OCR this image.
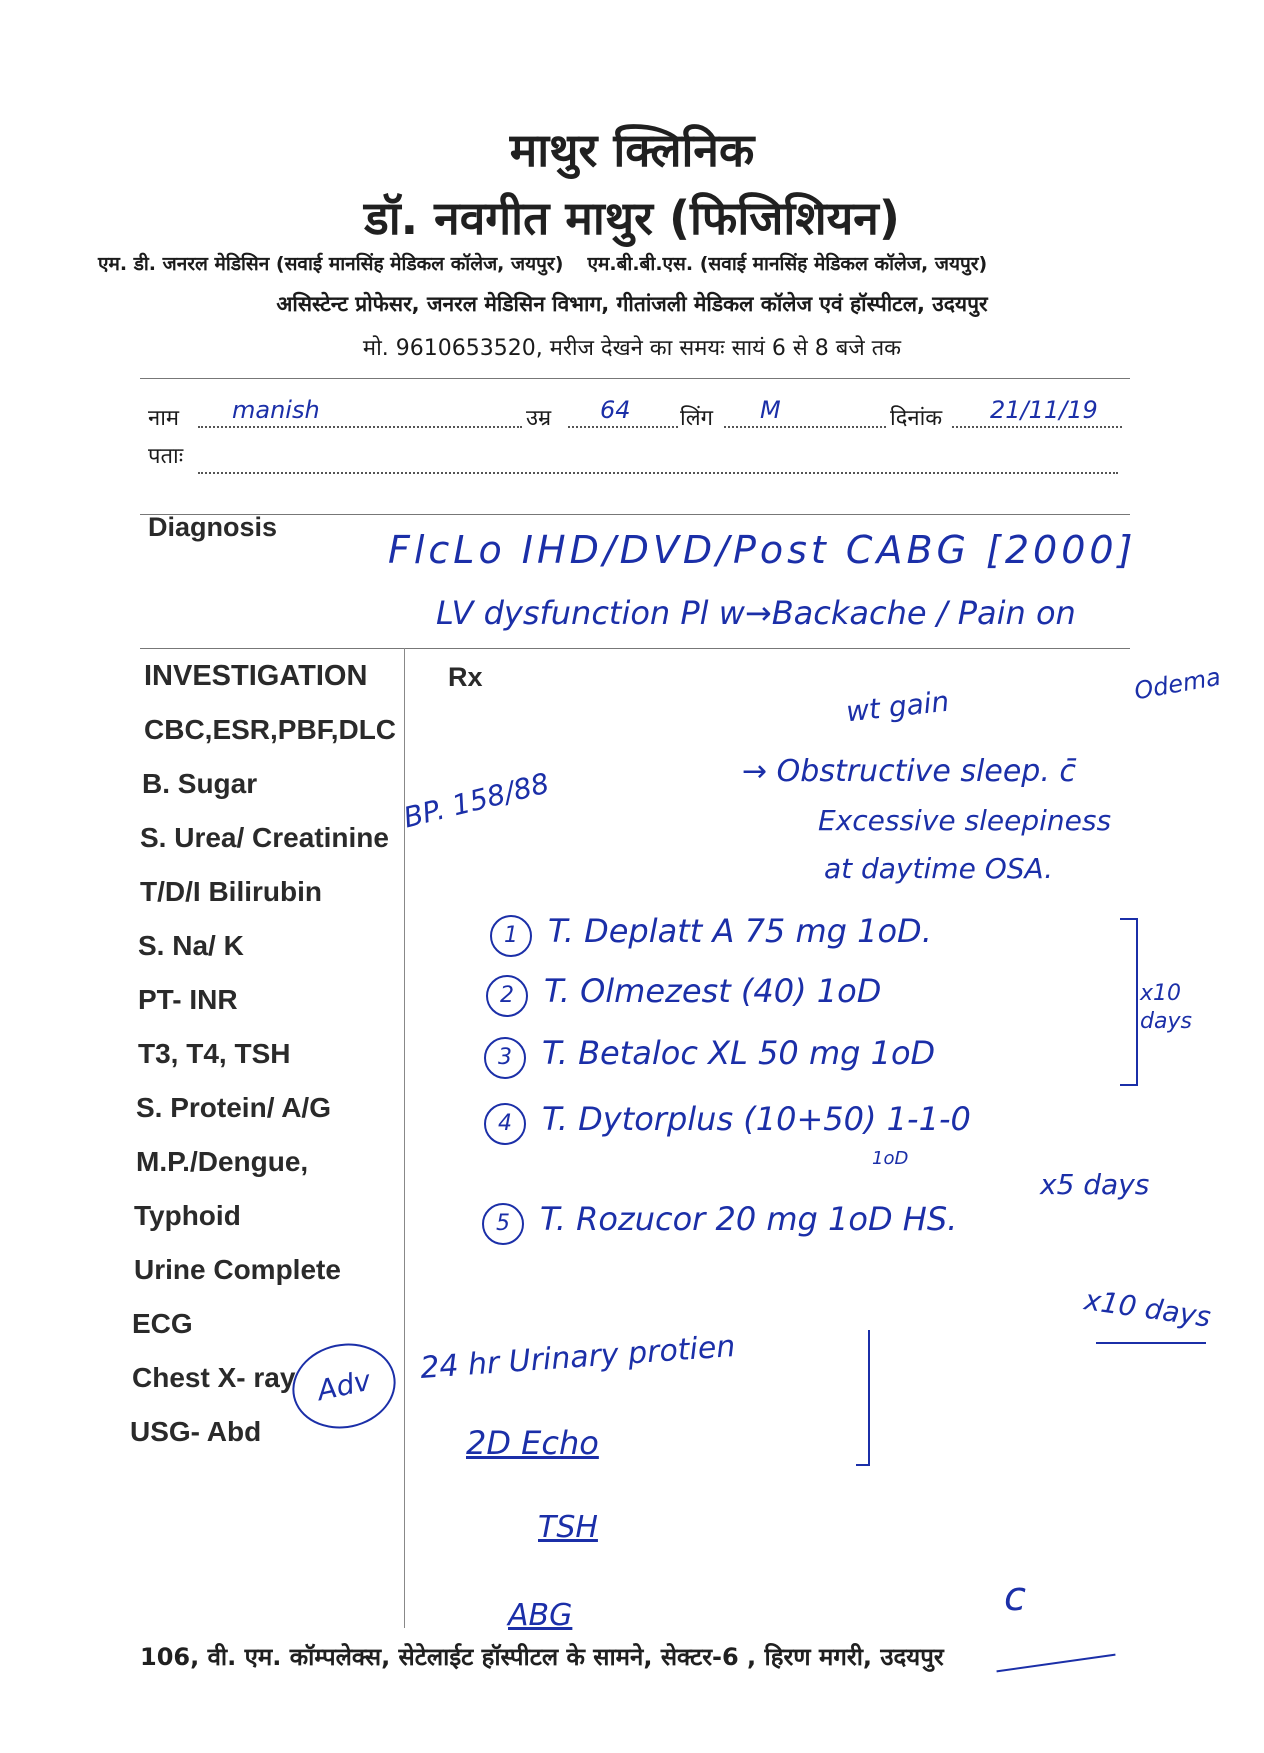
माथुर क्लिनिक
डॉ. नवगीत माथुर (फिजिशियन)
एम. डी. जनरल मेडिसिन (सवाई मानसिंह मेडिकल कॉलेज, जयपुर) एम.बी.बी.एस. (सवाई मानसिंह मेडिकल कॉलेज, जयपुर)
असिस्टेन्ट प्रोफेसर, जनरल मेडिसिन विभाग, गीतांजली मेडिकल कॉलेज एवं हॉस्पीटल, उदयपुर
मो. 9610653520, मरीज देखने का समयः सायं 6 से 8 बजे तक
नाम manish	उम्र 64 लिंग M	दिनांक 21/11/19
पताः
Diagnosis
FlcLo IHD/DVD/Post CABG [2000]
LV dysfunction Pl w→Backache / Pain on
Odema
INVESTIGATION	Rx
CBC,ESR,PBF,DLC
B. Sugar
S. Urea/ Creatinine
T/D/I Bilirubin
S. Na/ K
PT- INR
T3, T4, TSH
S. Protein/ A/G
M.P./Dengue,
Typhoid
Urine Complete
ECG
Chest X- ray
USG- Abd
wt gain
→ Obstructive sleep. c̄
Excessive sleepiness
at daytime OSA.
BP. 158/88
1 T. Deplatt A 75 mg 1oD.
2 T. Olmezest (40) 1oD
3 T. Betaloc XL 50 mg 1oD
4 T. Dytorplus (10+50) 1-1-0
5 T. Rozucor 20 mg 1oD HS.
x10 days
x5 days
x10 days
1oD
Adv	24 hr Urinary protien
2D Echo
TSH
ABG	c
106, वी. एम. कॉम्पलेक्स, सेटेलाईट हॉस्पीटल के सामने, सेक्टर-6 , हिरण मगरी, उदयपुर
